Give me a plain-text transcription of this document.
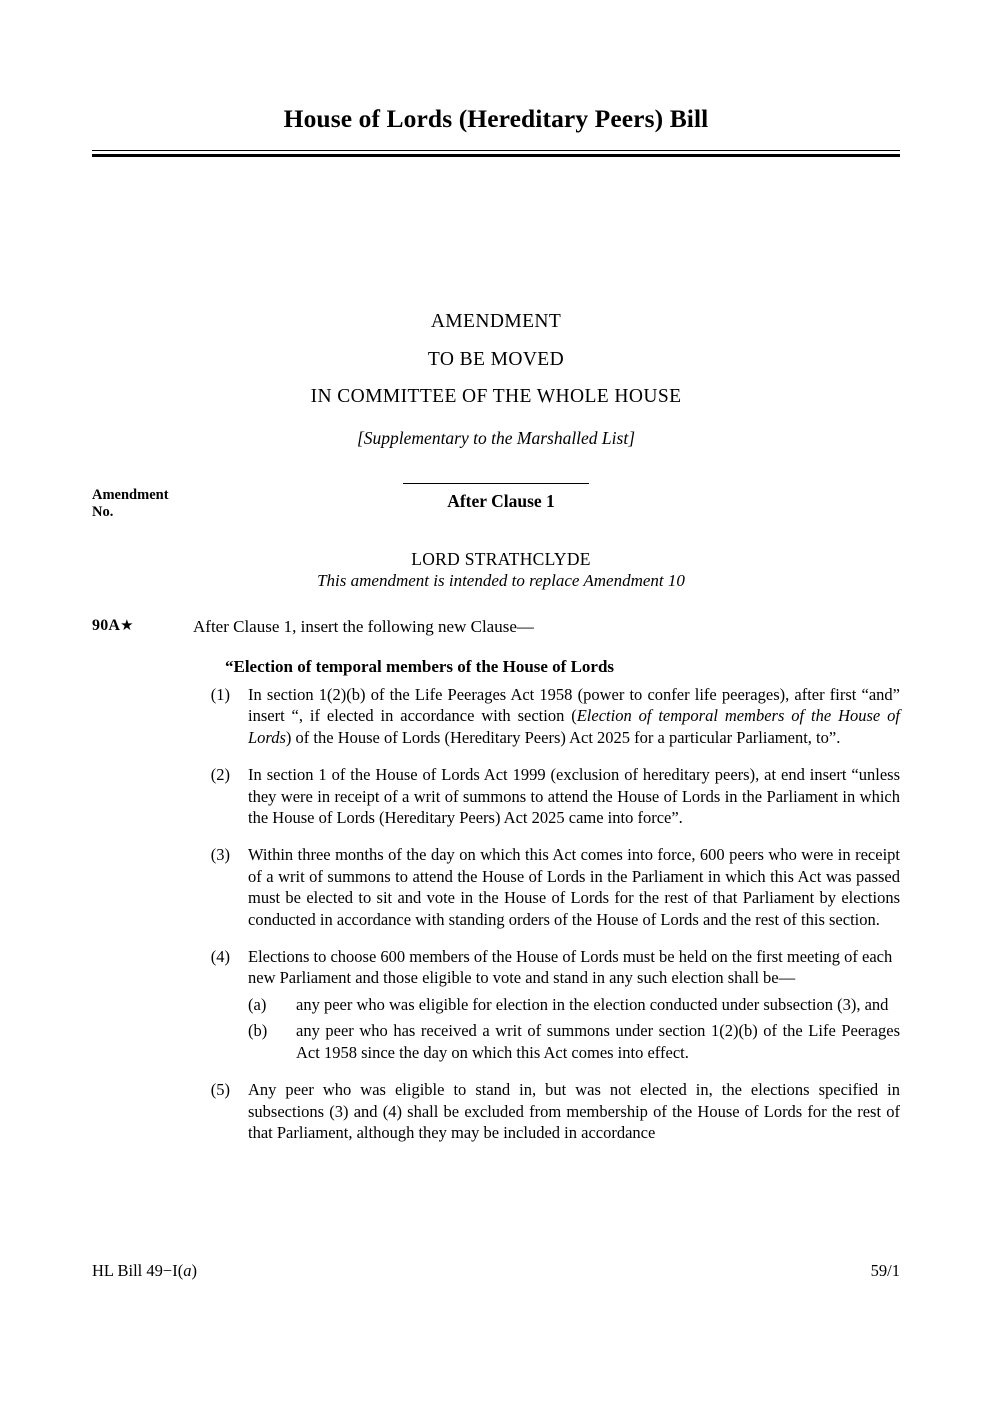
House of Lords (Hereditary Peers) Bill
AMENDMENT
TO BE MOVED
IN COMMITTEE OF THE WHOLE HOUSE
[Supplementary to the Marshalled List]
Amendment
No.
After Clause 1
LORD STRATHCLYDE
This amendment is intended to replace Amendment 10
90A★	After Clause 1, insert the following new Clause—
“Election of temporal members of the House of Lords
(1) In section 1(2)(b) of the Life Peerages Act 1958 (power to confer life peerages), after first “and” insert “, if elected in accordance with section (Election of temporal members of the House of Lords) of the House of Lords (Hereditary Peers) Act 2025 for a particular Parliament, to”.
(2) In section 1 of the House of Lords Act 1999 (exclusion of hereditary peers), at end insert “unless they were in receipt of a writ of summons to attend the House of Lords in the Parliament in which the House of Lords (Hereditary Peers) Act 2025 came into force”.
(3) Within three months of the day on which this Act comes into force, 600 peers who were in receipt of a writ of summons to attend the House of Lords in the Parliament in which this Act was passed must be elected to sit and vote in the House of Lords for the rest of that Parliament by elections conducted in accordance with standing orders of the House of Lords and the rest of this section.
(4) Elections to choose 600 members of the House of Lords must be held on the first meeting of each new Parliament and those eligible to vote and stand in any such election shall be—
(a)	any peer who was eligible for election in the election conducted under subsection (3), and
(b)	any peer who has received a writ of summons under section 1(2)(b) of the Life Peerages Act 1958 since the day on which this Act comes into effect.
(5) Any peer who was eligible to stand in, but was not elected in, the elections specified in subsections (3) and (4) shall be excluded from membership of the House of Lords for the rest of that Parliament, although they may be included in accordance
HL Bill 49−I(a)	59/1
